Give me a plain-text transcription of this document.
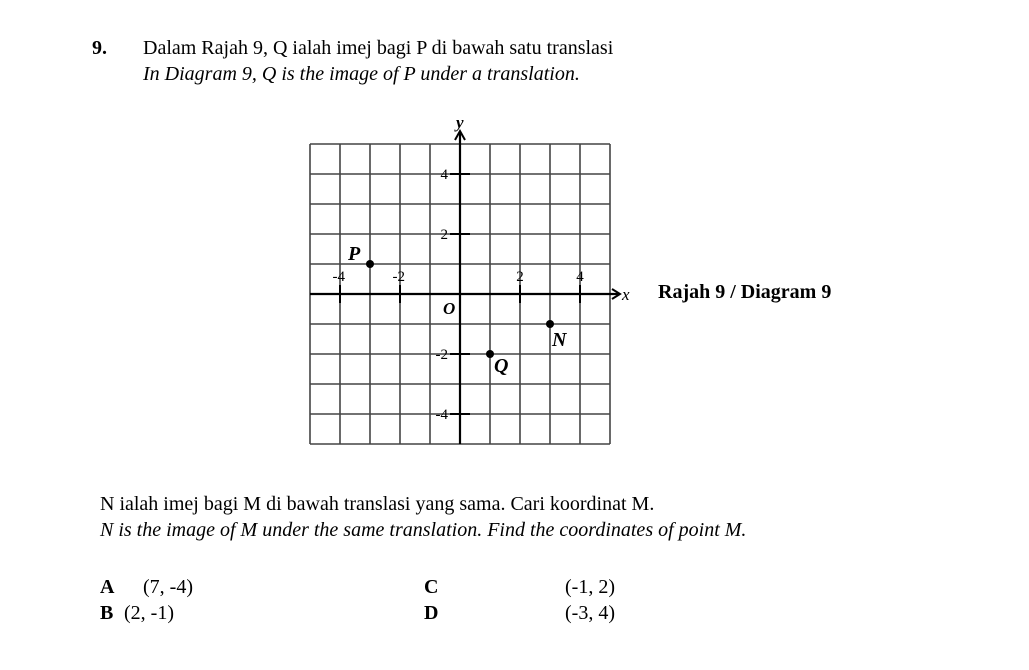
9. Dalam Rajah 9, Q ialah imej bagi P di bawah satu translasi
In Diagram 9, Q is the image of P under a translation.
x
y
O
-4	-2	2	4
4
2
-2
-4
P
Q
N
Rajah 9 / Diagram 9
N ialah imej bagi M di bawah translasi yang sama. Cari koordinat M.
N is the image of M under the same translation. Find the coordinates of point M.
A (7, -4)
B (2, -1)
C	(-1, 2)
D	(-3, 4)
